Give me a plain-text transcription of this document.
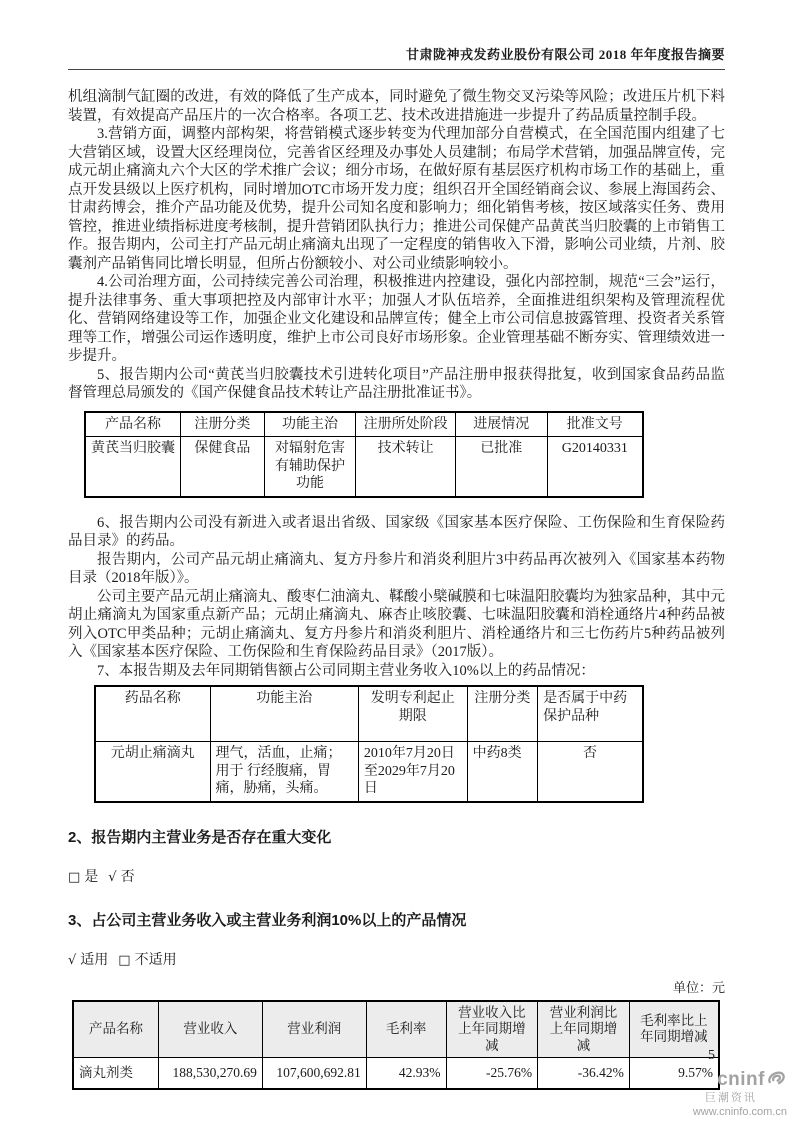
甘肃陇神戎发药业股份有限公司 2018 年年度报告摘要

机组滴制气缸圈的改进，有效的降低了生产成本，同时避免了微生物交叉污染等风险；改进压片机下料装置，有效提高产品压片的一次合格率。各项工艺、技术改进措施进一步提升了药品质量控制手段。

3.营销方面，调整内部构架，将营销模式逐步转变为代理加部分自营模式，在全国范围内组建了七大营销区域，设置大区经理岗位，完善省区经理及办事处人员建制；布局学术营销，加强品牌宣传，完成元胡止痛滴丸六个大区的学术推广会议；细分市场，在做好原有基层医疗机构市场工作的基础上，重点开发县级以上医疗机构，同时增加OTC市场开发力度；组织召开全国经销商会议、参展上海国药会、甘肃药博会，推介产品功能及优势，提升公司知名度和影响力；细化销售考核，按区域落实任务、费用管控，推进业绩指标进度考核制，提升营销团队执行力；推进公司保健产品黄芪当归胶囊的上市销售工作。报告期内，公司主打产品元胡止痛滴丸出现了一定程度的销售收入下滑，影响公司业绩，片剂、胶囊剂产品销售同比增长明显，但所占份额较小、对公司业绩影响较小。

4.公司治理方面，公司持续完善公司治理，积极推进内控建设，强化内部控制，规范“三会”运行，提升法律事务、重大事项把控及内部审计水平；加强人才队伍培养，全面推进组织架构及管理流程优化、营销网络建设等工作，加强企业文化建设和品牌宣传；健全上市公司信息披露管理、投资者关系管理等工作，增强公司运作透明度，维护上市公司良好市场形象。企业管理基础不断夯实、管理绩效进一步提升。

5、报告期内公司“黄芪当归胶囊技术引进转化项目”产品注册申报获得批复，收到国家食品药品监督管理总局颁发的《国产保健食品技术转让产品注册批准证书》。

产品名称	注册分类	功能主治	注册所处阶段	进展情况	批准文号
黄芪当归胶囊	保健食品	对辐射危害有辅助保护功能	技术转让	已批准	G20140331

6、报告期内公司没有新进入或者退出省级、国家级《国家基本医疗保险、工伤保险和生育保险药品目录》的药品。

报告期内，公司产品元胡止痛滴丸、复方丹参片和消炎利胆片3中药品再次被列入《国家基本药物目录（2018年版）》。

公司主要产品元胡止痛滴丸、酸枣仁油滴丸、鞣酸小檗碱膜和七味温阳胶囊均为独家品种，其中元胡止痛滴丸为国家重点新产品；元胡止痛滴丸、麻杏止咳胶囊、七味温阳胶囊和消栓通络片4种药品被列入OTC甲类品种；元胡止痛滴丸、复方丹参片和消炎利胆片、消栓通络片和三七伤药片5种药品被列入《国家基本医疗保险、工伤保险和生育保险药品目录》（2017版）。

7、本报告期及去年同期销售额占公司同期主营业务收入10%以上的药品情况：

药品名称	功能主治	发明专利起止期限	注册分类	是否属于中药保护品种
元胡止痛滴丸	理气，活血，止痛；用于 行经腹痛，胃痛，胁痛，头痛。	2010年7月20日至2029年7月20日	中药8类	否
2、报告期内主营业务是否存在重大变化
□ 是 √ 否
3、占公司主营业务收入或主营业务利润10%以上的产品情况
√ 适用 □ 不适用
单位：元
产品名称	营业收入	营业利润	毛利率	营业收入比上年同期增减	营业利润比上年同期增减	毛利率比上年同期增减
滴丸剂类	188,530,270.69	107,600,692.81	42.93%	-25.76%	-36.42%	9.57%
5
cninf
巨潮资讯
www.cninfo.com.cn
